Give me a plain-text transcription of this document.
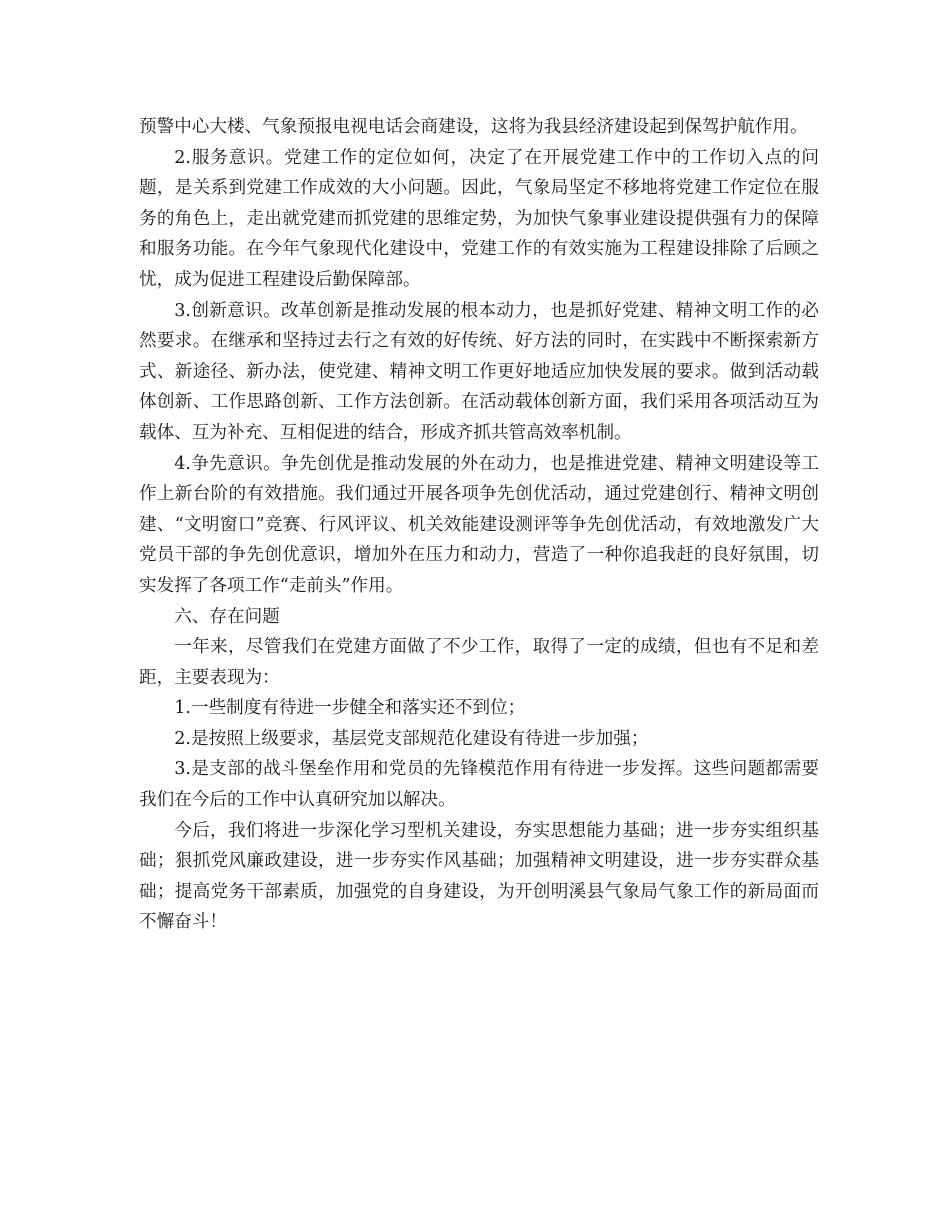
预警中心大楼、气象预报电视电话会商建设，这将为我县经济建设起到保驾护航作用。

2.服务意识。党建工作的定位如何，决定了在开展党建工作中的工作切入点的问题，是关系到党建工作成效的大小问题。因此，气象局坚定不移地将党建工作定位在服务的角色上，走出就党建而抓党建的思维定势，为加快气象事业建设提供强有力的保障和服务功能。在今年气象现代化建设中，党建工作的有效实施为工程建设排除了后顾之忧，成为促进工程建设后勤保障部。

3.创新意识。改革创新是推动发展的根本动力，也是抓好党建、精神文明工作的必然要求。在继承和坚持过去行之有效的好传统、好方法的同时，在实践中不断探索新方式、新途径、新办法，使党建、精神文明工作更好地适应加快发展的要求。做到活动载体创新、工作思路创新、工作方法创新。在活动载体创新方面，我们采用各项活动互为载体、互为补充、互相促进的结合，形成齐抓共管高效率机制。

4.争先意识。争先创优是推动发展的外在动力，也是推进党建、精神文明建设等工作上新台阶的有效措施。我们通过开展各项争先创优活动，通过党建创行、精神文明创建、“文明窗口”竞赛、行风评议、机关效能建设测评等争先创优活动，有效地激发广大党员干部的争先创优意识，增加外在压力和动力，营造了一种你追我赶的良好氛围，切实发挥了各项工作“走前头”作用。

六、存在问题

一年来，尽管我们在党建方面做了不少工作，取得了一定的成绩，但也有不足和差距，主要表现为：

1.一些制度有待进一步健全和落实还不到位；

2.是按照上级要求，基层党支部规范化建设有待进一步加强；

3.是支部的战斗堡垒作用和党员的先锋模范作用有待进一步发挥。这些问题都需要我们在今后的工作中认真研究加以解决。

今后，我们将进一步深化学习型机关建设，夯实思想能力基础；进一步夯实组织基础；狠抓党风廉政建设，进一步夯实作风基础；加强精神文明建设，进一步夯实群众基础；提高党务干部素质，加强党的自身建设，为开创明溪县气象局气象工作的新局面而不懈奋斗！
